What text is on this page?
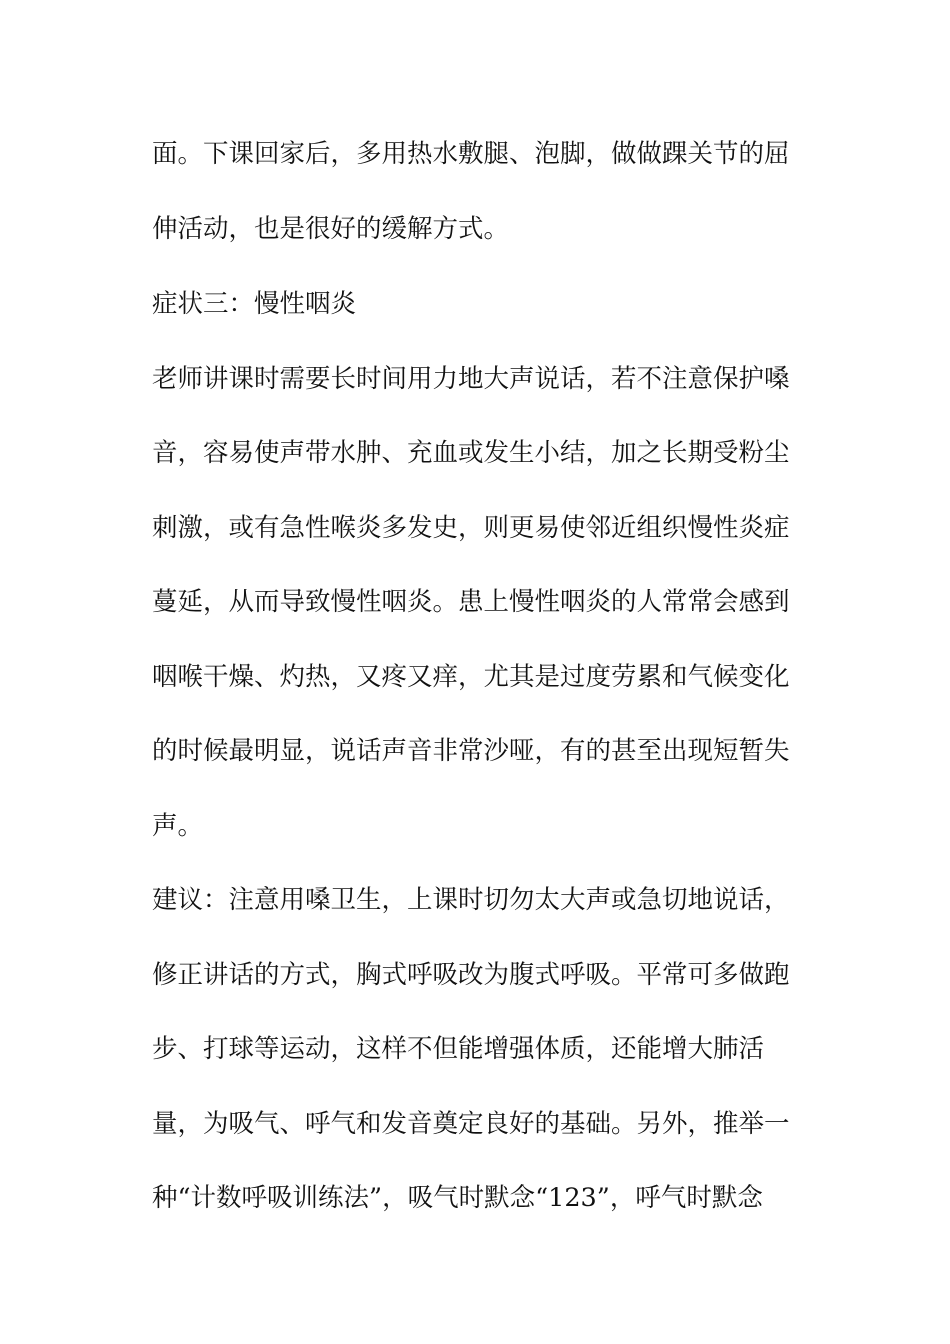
面。下课回家后，多用热水敷腿、泡脚，做做踝关节的屈
伸活动，也是很好的缓解方式。
症状三：慢性咽炎
老师讲课时需要长时间用力地大声说话，若不注意保护嗓
音，容易使声带水肿、充血或发生小结，加之长期受粉尘
刺激，或有急性喉炎多发史，则更易使邻近组织慢性炎症
蔓延，从而导致慢性咽炎。患上慢性咽炎的人常常会感到
咽喉干燥、灼热，又疼又痒，尤其是过度劳累和气候变化
的时候最明显，说话声音非常沙哑，有的甚至出现短暂失
声。
建议：注意用嗓卫生，上课时切勿太大声或急切地说话，
修正讲话的方式，胸式呼吸改为腹式呼吸。平常可多做跑
步、打球等运动，这样不但能增强体质，还能增大肺活
量，为吸气、呼气和发音奠定良好的基础。另外，推举一
种“计数呼吸训练法”，吸气时默念“123”，呼气时默念
